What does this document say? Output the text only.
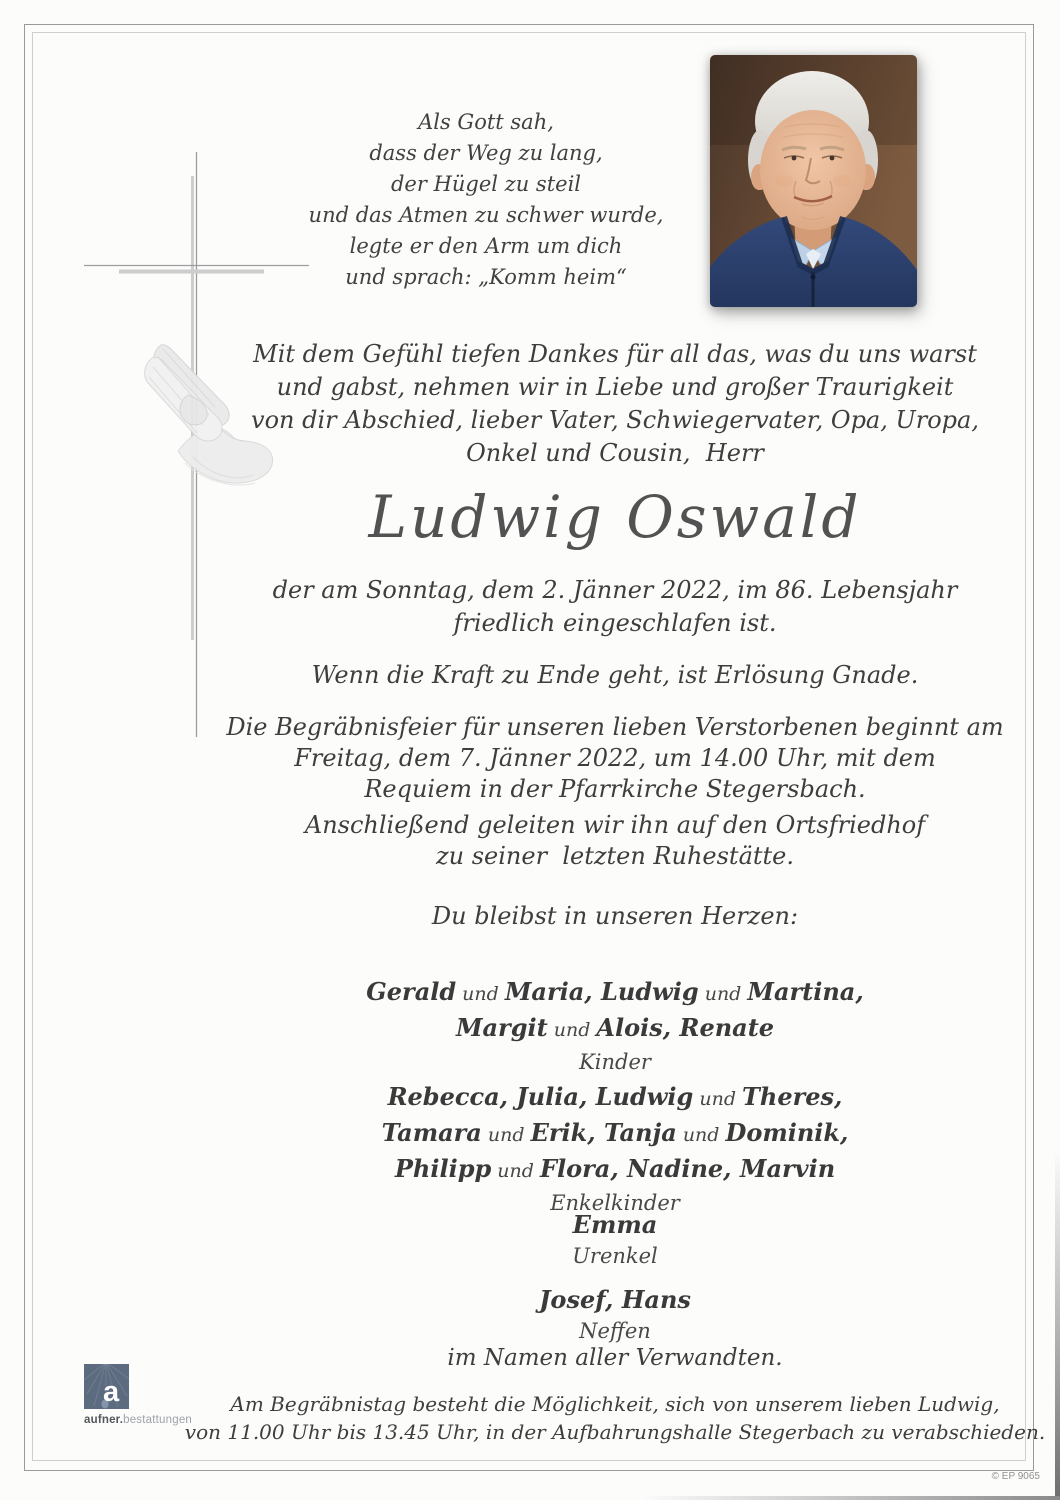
Als Gott sah,
dass der Weg zu lang,
der Hügel zu steil
und das Atmen zu schwer wurde,
legte er den Arm um dich
und sprach: „Komm heim“
Mit dem Gefühl tiefen Dankes für all das, was du uns warst
und gabst, nehmen wir in Liebe und großer Traurigkeit
von dir Abschied, lieber Vater, Schwiegervater, Opa, Uropa,
Onkel und Cousin,  Herr
Ludwig Oswald
der am Sonntag, dem 2. Jänner 2022, im 86. Lebensjahr
friedlich eingeschlafen ist.
Wenn die Kraft zu Ende geht, ist Erlösung Gnade.
Die Begräbnisfeier für unseren lieben Verstorbenen beginnt am
Freitag, dem 7. Jänner 2022, um 14.00 Uhr, mit dem
Requiem in der Pfarrkirche Stegersbach.
Anschließend geleiten wir ihn auf den Ortsfriedhof
zu seiner  letzten Ruhestätte.
Du bleibst in unseren Herzen:
Gerald und Maria, Ludwig und Martina,
Margit und Alois, Renate
Kinder
Rebecca, Julia, Ludwig und Theres,
Tamara und Erik, Tanja und Dominik,
Philipp und Flora, Nadine, Marvin
Enkelkinder
Emma
Urenkel
Josef, Hans
Neffen
im Namen aller Verwandten.
Am Begräbnistag besteht die Möglichkeit, sich von unserem lieben Ludwig,
von 11.00 Uhr bis 13.45 Uhr, in der Aufbahrungshalle Stegerbach zu verabschieden.
a
aufner.bestattungen
© EP 9065
